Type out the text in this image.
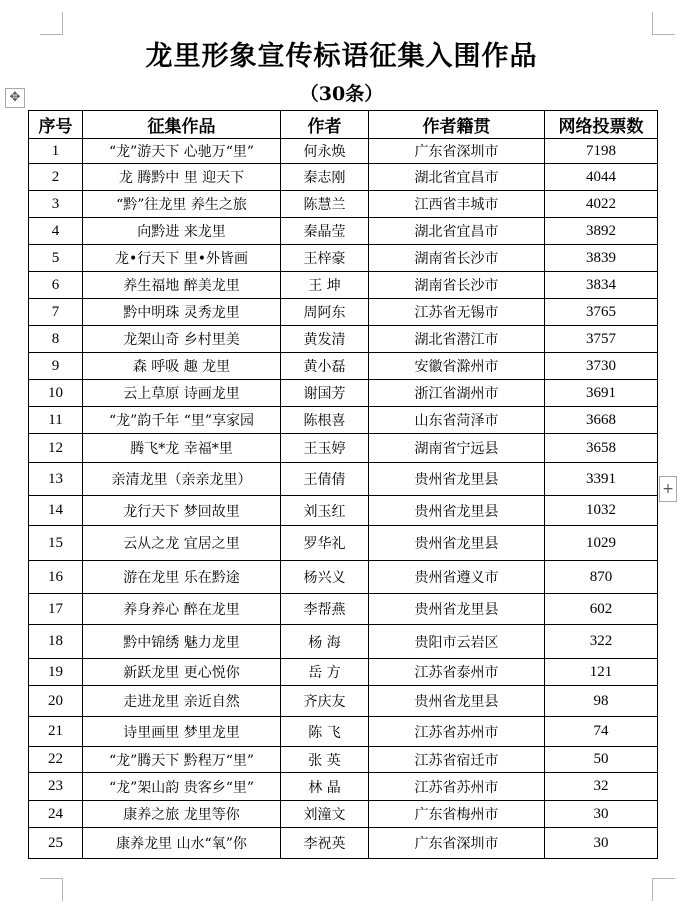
✥
+
龙里形象宣传标语征集入围作品
（30条）
序号	征集作品	作者	作者籍贯	网络投票数
1	“龙”游天下 心驰万“里”	何永焕	广东省深圳市	7198
2	龙 腾黔中 里 迎天下	秦志刚	湖北省宜昌市	4044
3	“黔”往龙里 养生之旅	陈慧兰	江西省丰城市	4022
4	向黔进 来龙里	秦晶莹	湖北省宜昌市	3892
5	龙•行天下 里•外皆画	王梓豪	湖南省长沙市	3839
6	养生福地 醉美龙里	王 坤	湖南省长沙市	3834
7	黔中明珠 灵秀龙里	周阿东	江苏省无锡市	3765
8	龙架山奇 乡村里美	黄发清	湖北省潜江市	3757
9	森 呼吸 趣 龙里	黄小磊	安徽省滁州市	3730
10	云上草原 诗画龙里	谢国芳	浙江省湖州市	3691
11	“龙”韵千年 “里”享家园	陈根喜	山东省菏泽市	3668
12	腾飞*龙 幸福*里	王玉婷	湖南省宁远县	3658
13	亲清龙里（亲亲龙里）	王倩倩	贵州省龙里县	3391
14	龙行天下 梦回故里	刘玉红	贵州省龙里县	1032
15	云从之龙 宜居之里	罗华礼	贵州省龙里县	1029
16	游在龙里 乐在黔途	杨兴义	贵州省遵义市	870
17	养身养心 醉在龙里	李帮燕	贵州省龙里县	602
18	黔中锦绣 魅力龙里	杨 海	贵阳市云岩区	322
19	新跃龙里 更心悦你	岳 方	江苏省泰州市	121
20	走进龙里 亲近自然	齐庆友	贵州省龙里县	98
21	诗里画里 梦里龙里	陈 飞	江苏省苏州市	74
22	“龙”腾天下 黔程万“里”	张 英	江苏省宿迁市	50
23	“龙”架山韵 贵客乡“里”	林 晶	江苏省苏州市	32
24	康养之旅 龙里等你	刘潼文	广东省梅州市	30
25	康养龙里 山水“氧”你	李祝英	广东省深圳市	30
